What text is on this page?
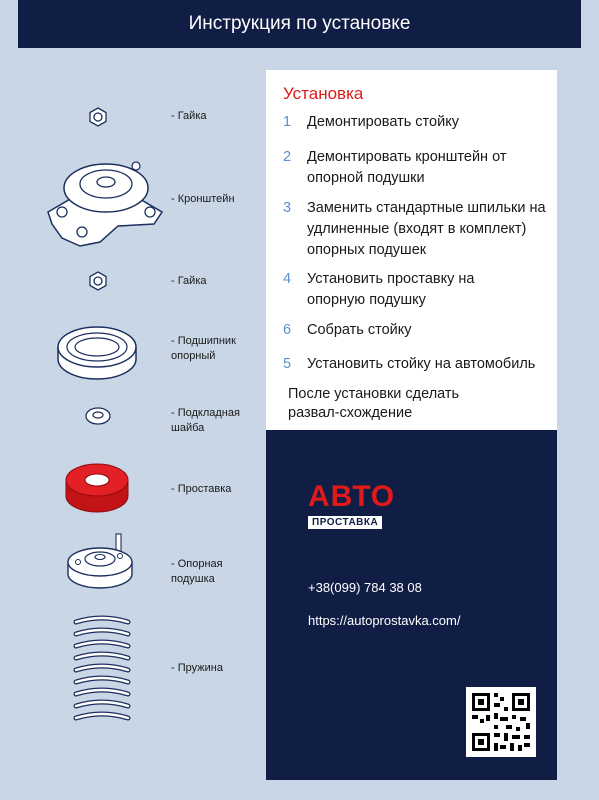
Инструкция по установке
- Гайка
- Кронштейн
- Гайка
- Подшипник опорный
- Подкладная шайба
- Проставка
- Опорная подушка
- Пружина
Установка
1	Демонтировать стойку
2	Демонтировать кронштейн от опорной подушки
3	Заменить стандартные шпильки на удлиненные (входят в комплект) опорных подушек
4	Установить проставку на опорную подушку
6	Собрать стойку
5	Установить стойку на автомобиль
После установки сделать развал-схождение
АВТО
ПРОСТАВКА
+38(099) 784 38 08
https://autoprostavka.com/
